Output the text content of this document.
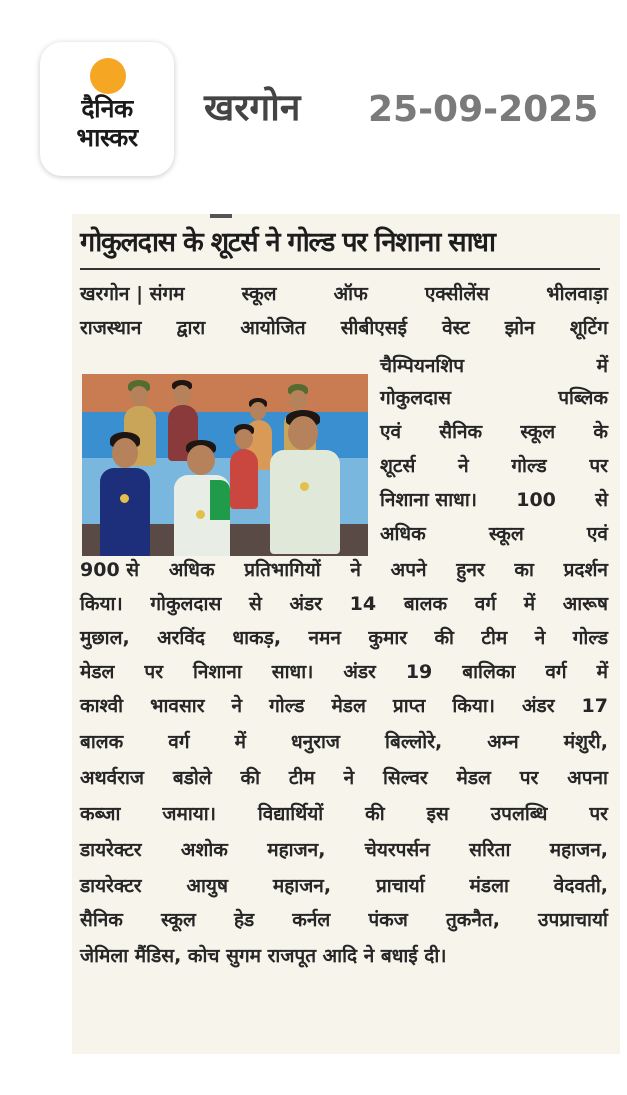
दैनिक
भास्कर
खरगोन 25-09-2025
गोकुलदास के शूटर्स ने गोल्ड पर निशाना साधा
खरगोन | संगम	स्कूल	ऑफ	एक्सीलेंस	भीलवाड़ा
राजस्थान द्वारा आयोजित सीबीएसई वेस्ट झोन शूटिंग
चैम्पियनशिप	में
गोकुलदास	पब्लिक
एवं सैनिक स्कूल के
शूटर्स ने गोल्ड पर
निशाना साधा। 100 से
अधिक	स्कूल	एवं
900 से अधिक प्रतिभागियों ने अपने हुनर का प्रदर्शन
किया। गोकुलदास से अंडर 14 बालक वर्ग में आरूष
मुछाल, अरविंद धाकड़, नमन कुमार की टीम ने गोल्ड
मेडल पर निशाना साधा। अंडर 19 बालिका वर्ग में
काश्वी भावसार ने गोल्ड मेडल प्राप्त किया। अंडर 17
बालक वर्ग में धनुराज बिल्लोरे, अम्न मंशुरी,
अथर्वराज बडोले की टीम ने सिल्वर मेडल पर अपना
कब्जा जमाया। विद्यार्थियों की इस उपलब्धि पर
डायरेक्टर अशोक महाजन, चेयरपर्सन सरिता महाजन,
डायरेक्टर आयुष महाजन, प्राचार्या मंडला वेदवती,
सैनिक स्कूल हेड कर्नल पंकज तुकनैत, उपप्राचार्या
जेमिला मैंडिस, कोच सुगम राजपूत आदि ने बधाई दी।
